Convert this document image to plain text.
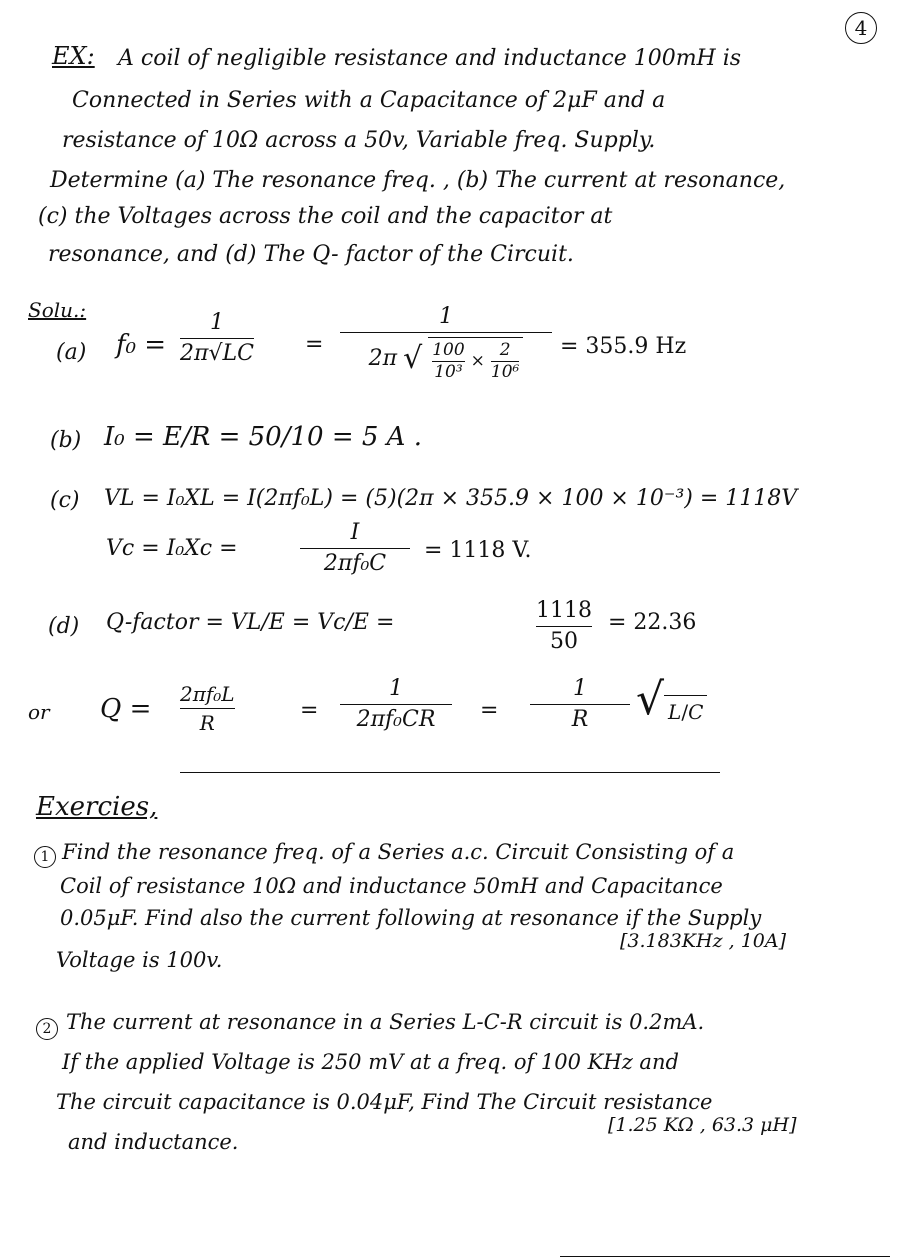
4
EX: A coil of negligible resistance and inductance 100mH is
Connected in Series with a Capacitance of 2μF and a
resistance of 10Ω across a 50v, Variable freq. Supply.
Determine (a) The resonance freq. , (b) The current at resonance,
(c) the Voltages across the coil and the capacitor at
resonance, and (d) The Q- factor of the Circuit.
Solu.:
(a) f₀ =
1
2π√LC =
1
2π √ 100
10³
×
2
10⁶
= 355.9 Hz
(b) I₀ = E/R = 50/10 = 5 A .
(c) VL = I₀XL = I(2πf₀L) = (5)(2π × 355.9 × 100 × 10⁻³) = 1118V
Vc = I₀Xc =
I
2πf₀C
= 1118 V.
(d) Q-factor = VL/E = Vc/E =	1118
50
= 22.36
or Q = 2πf₀L
R	=
1
2πf₀CR =
1
R √ L / C
Exercies,
1 Find the resonance freq. of a Series a.c. Circuit Consisting of a
Coil of resistance 10Ω and inductance 50mH and Capacitance
0.05μF. Find also the current following at resonance if the Supply
[3.183KHz , 10A]
Voltage is 100v.
2 The current at resonance in a Series L-C-R circuit is 0.2mA.
If the applied Voltage is 250 mV at a freq. of 100 KHz and
The circuit capacitance is 0.04μF, Find The Circuit resistance
[1.25 KΩ , 63.3 μH]
and inductance.
